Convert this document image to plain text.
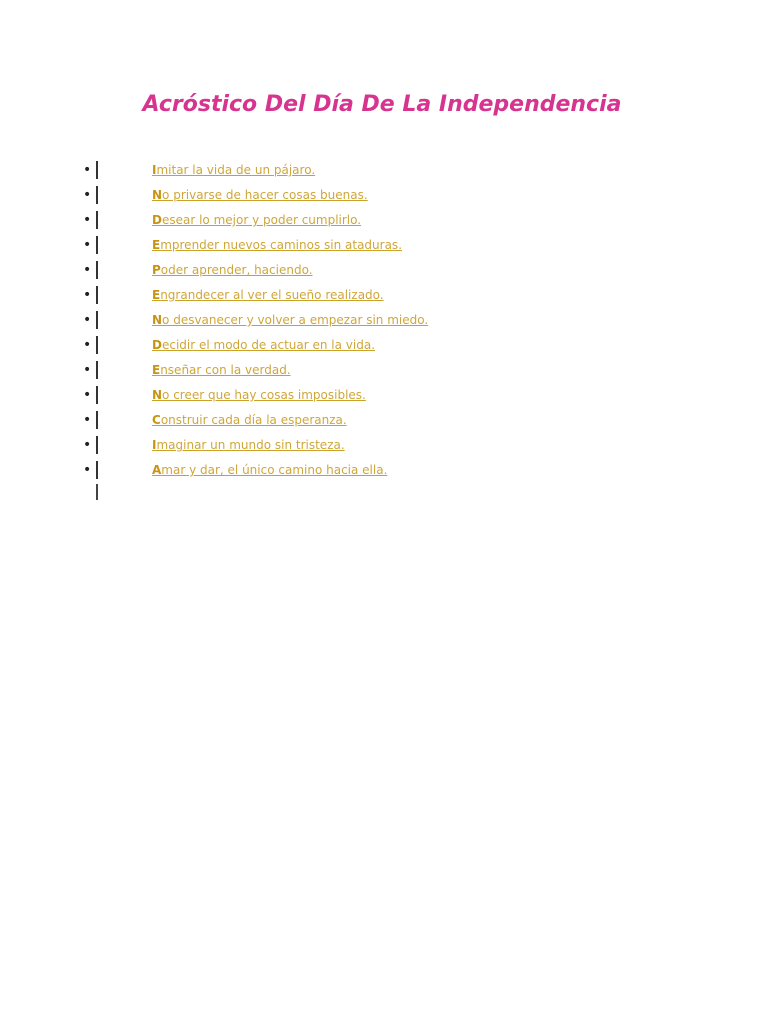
Acróstico Del Día De La Independencia
•	Imitar la vida de un pájaro.
•	No privarse de hacer cosas buenas.
•	Desear lo mejor y poder cumplirlo.
•	Emprender nuevos caminos sin ataduras.
•	Poder aprender, haciendo.
•	Engrandecer al ver el sueño realizado.
•	No desvanecer y volver a empezar sin miedo.
•	Decidir el modo de actuar en la vida.
•	Enseñar con la verdad.
•	No creer que hay cosas imposibles.
•	Construir cada día la esperanza.
•	Imaginar un mundo sin tristeza.
•	Amar y dar, el único camino hacia ella.
